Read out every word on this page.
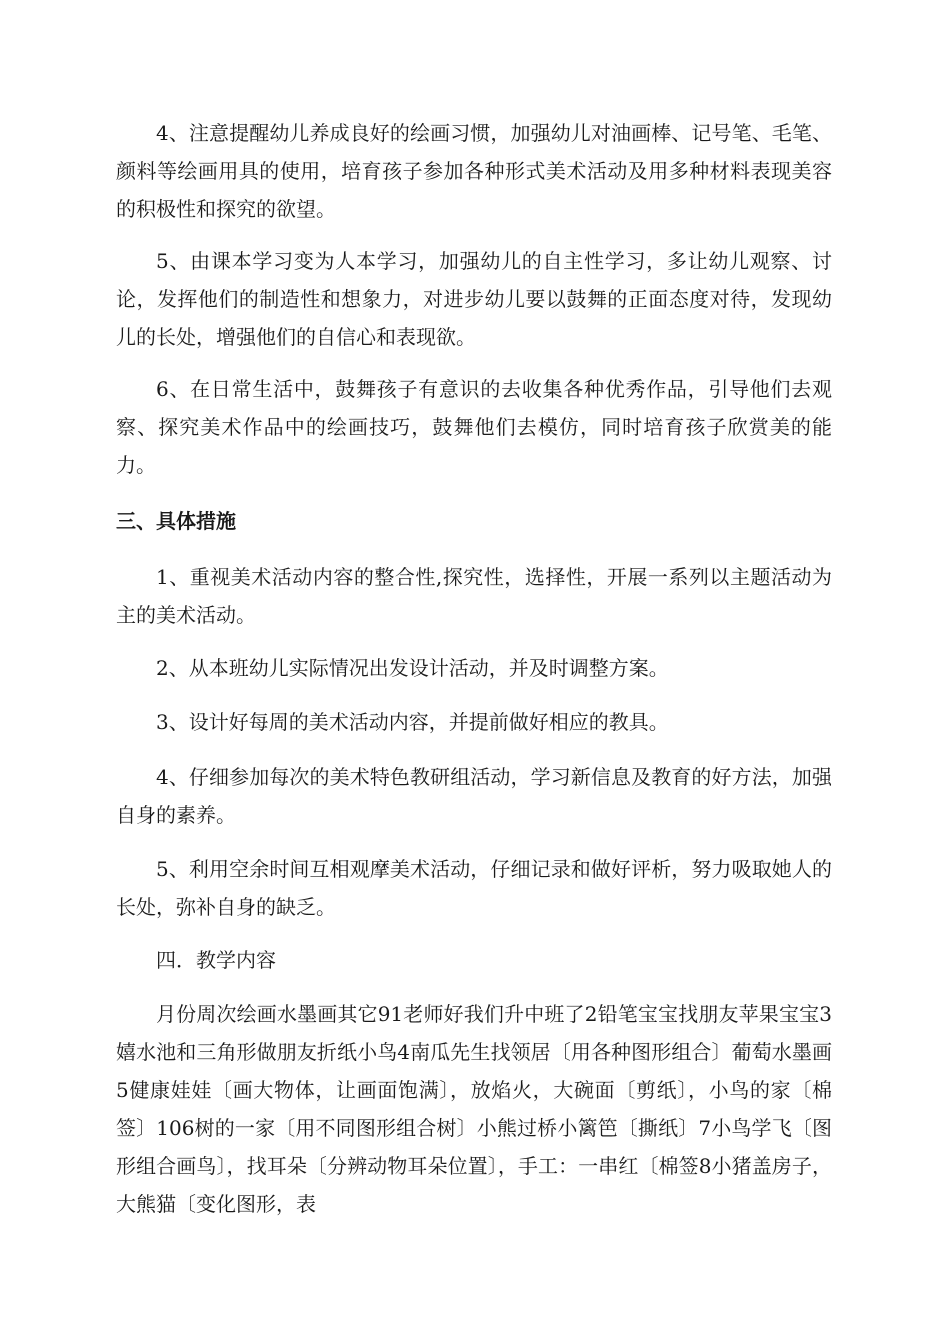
4、注意提醒幼儿养成良好的绘画习惯，加强幼儿对油画棒、记号笔、毛笔、颜料等绘画用具的使用，培育孩子参加各种形式美术活动及用多种材料表现美容的积极性和探究的欲望。

5、由课本学习变为人本学习，加强幼儿的自主性学习，多让幼儿观察、讨论，发挥他们的制造性和想象力，对进步幼儿要以鼓舞的正面态度对待，发现幼儿的长处，增强他们的自信心和表现欲。

6、在日常生活中，鼓舞孩子有意识的去收集各种优秀作品，引导他们去观察、探究美术作品中的绘画技巧，鼓舞他们去模仿，同时培育孩子欣赏美的能力。

三、具体措施

1、重视美术活动内容的整合性,探究性，选择性，开展一系列以主题活动为主的美术活动。

2、从本班幼儿实际情况出发设计活动，并及时调整方案。

3、设计好每周的美术活动内容，并提前做好相应的教具。

4、仔细参加每次的美术特色教研组活动，学习新信息及教育的好方法，加强自身的素养。

5、利用空余时间互相观摩美术活动，仔细记录和做好评析，努力吸取她人的长处，弥补自身的缺乏。

四．教学内容

月份周次绘画水墨画其它91老师好我们升中班了2铅笔宝宝找朋友苹果宝宝3嬉水池和三角形做朋友折纸小鸟4南瓜先生找领居〔用各种图形组合〕葡萄水墨画5健康娃娃〔画大物体，让画面饱满〕，放焰火，大碗面〔剪纸〕，小鸟的家〔棉签〕106树的一家〔用不同图形组合树〕小熊过桥小篱笆〔撕纸〕7小鸟学飞〔图形组合画鸟〕，找耳朵〔分辨动物耳朵位置〕，手工：一串红〔棉签8小猪盖房子，大熊猫〔变化图形，表
